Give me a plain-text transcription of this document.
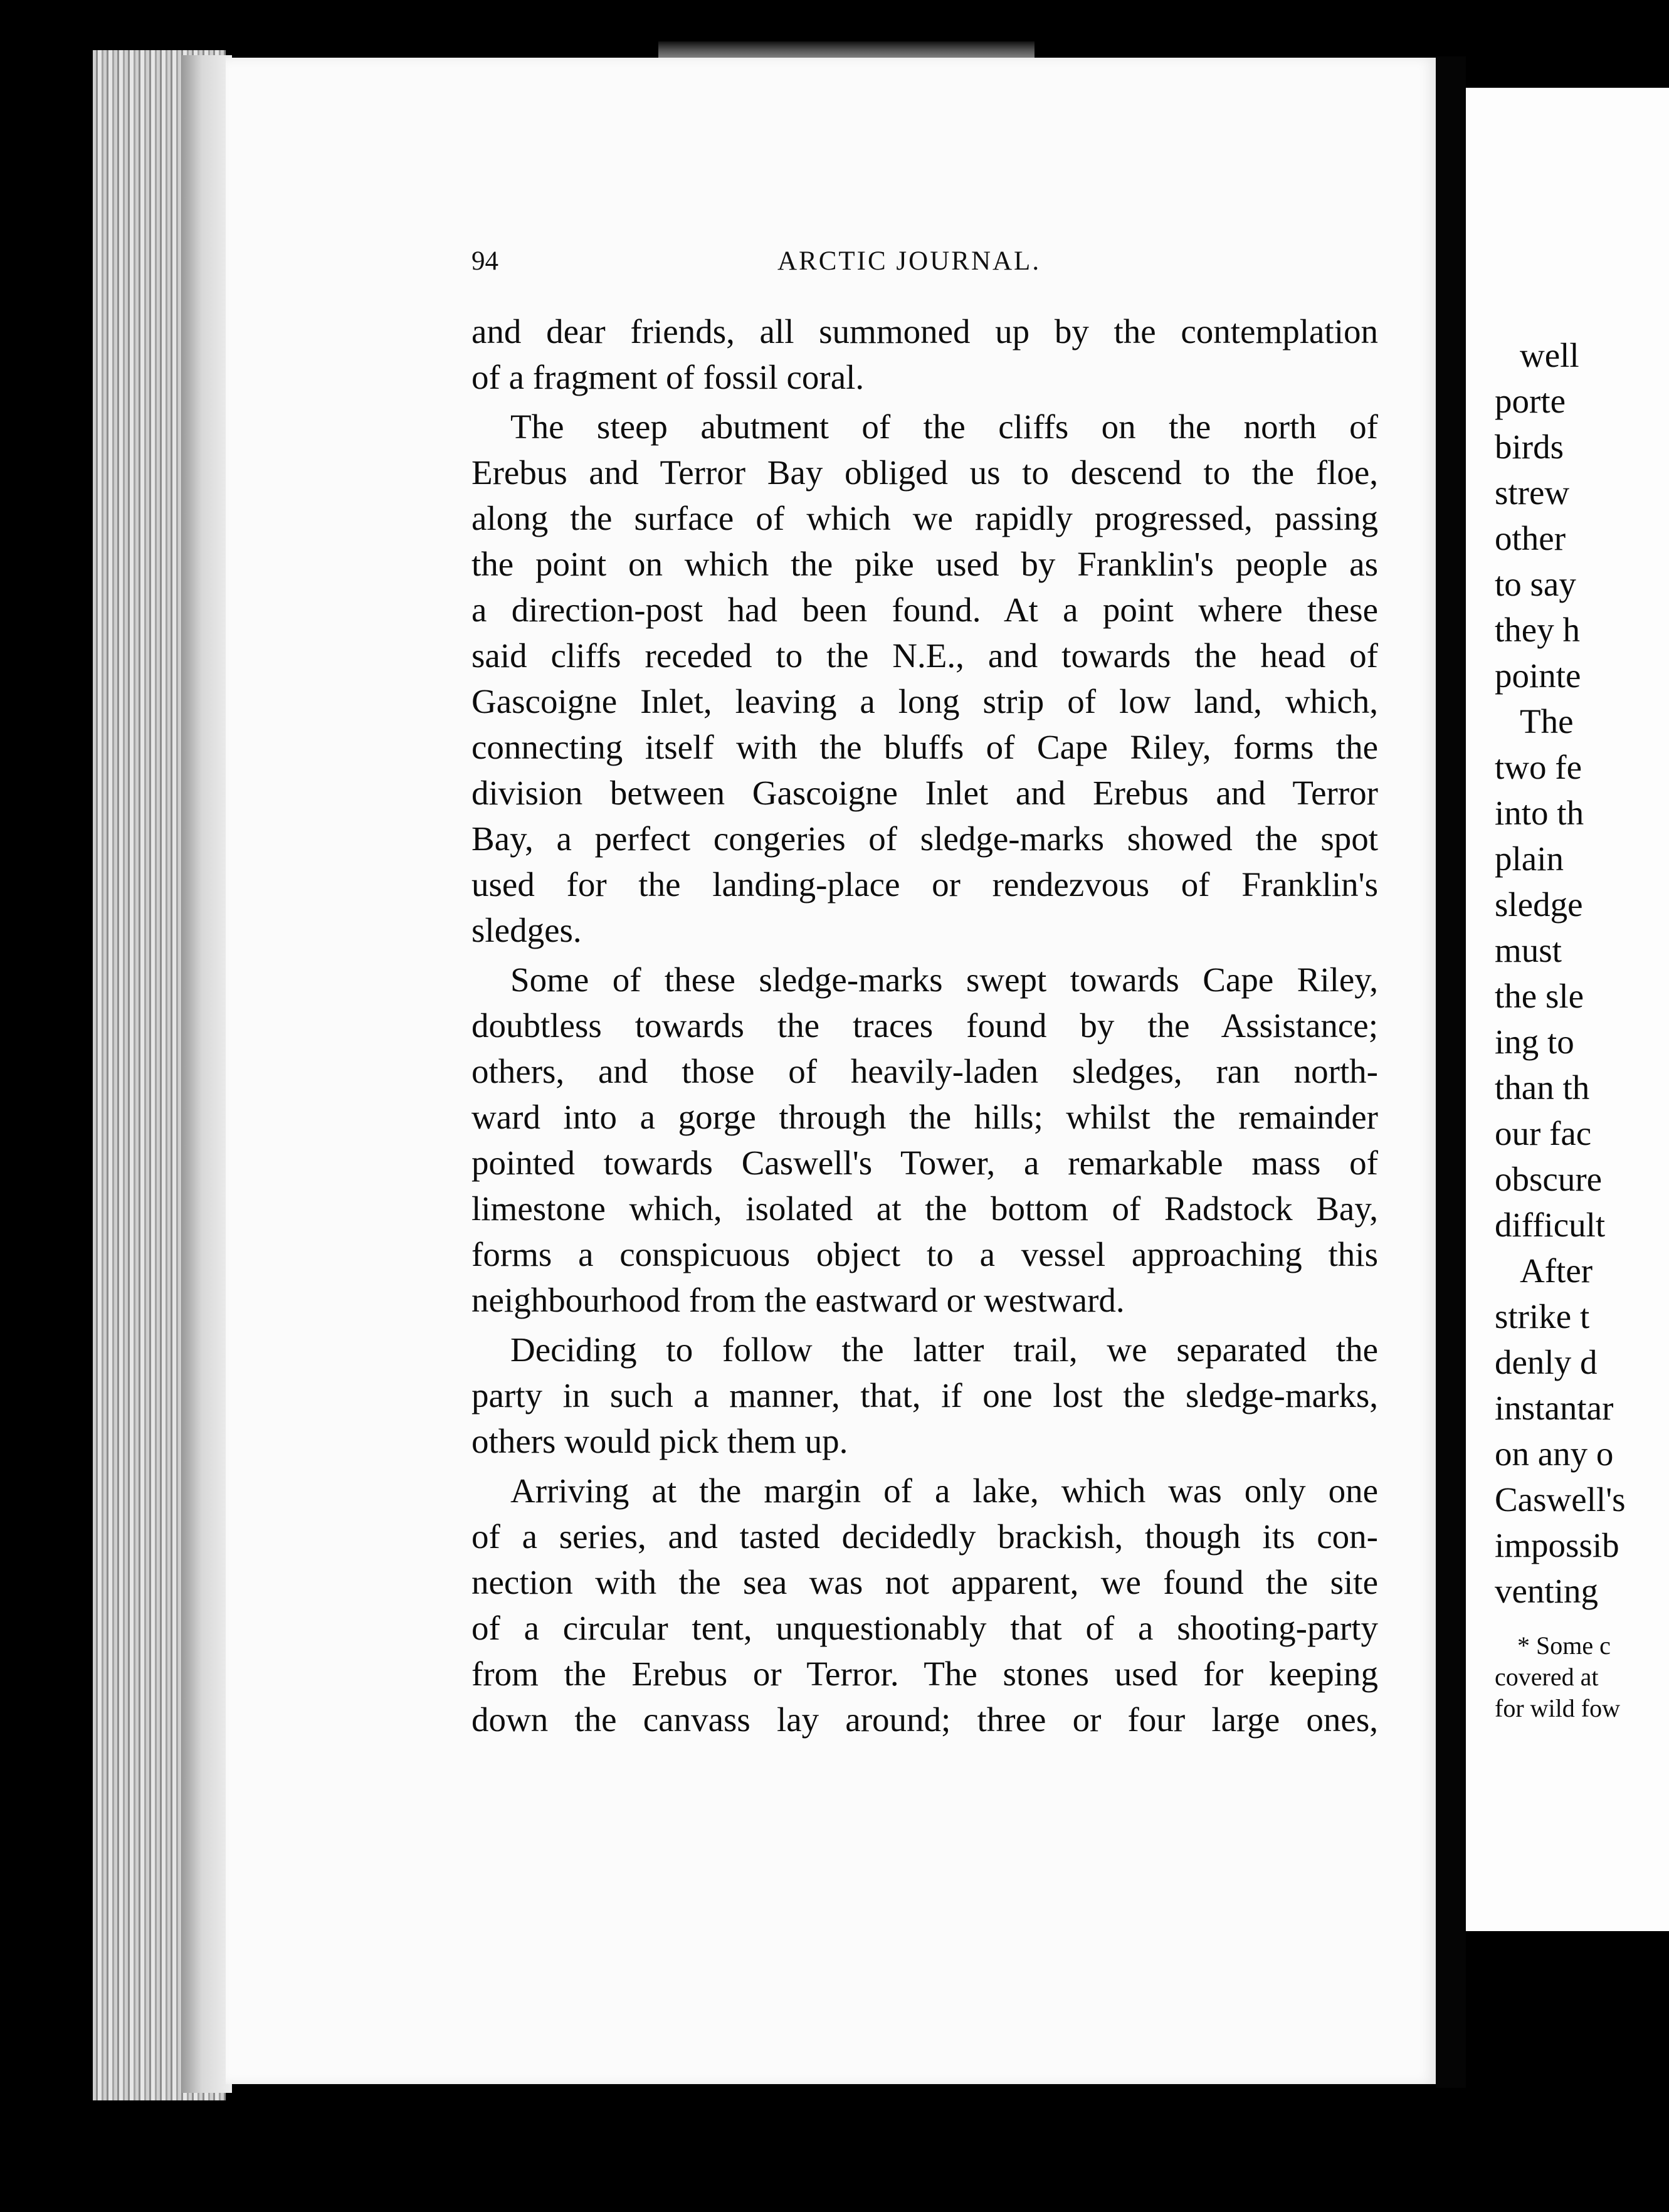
94	ARCTIC JOURNAL.
and dear friends, all summoned up by the contemplation
of a fragment of fossil coral.
The steep abutment of the cliffs on the north of
Erebus and Terror Bay obliged us to descend to the floe,
along the surface of which we rapidly progressed, passing
the point on which the pike used by Franklin's people as
a direction-post had been found. At a point where these
said cliffs receded to the N.E., and towards the head of
Gascoigne Inlet, leaving a long strip of low land, which,
connecting itself with the bluffs of Cape Riley, forms the
division between Gascoigne Inlet and Erebus and Terror
Bay, a perfect congeries of sledge-marks showed the spot
used for the landing-place or rendezvous of Franklin's
sledges.
Some of these sledge-marks swept towards Cape Riley,
doubtless towards the traces found by the Assistance;
others, and those of heavily-laden sledges, ran north-
ward into a gorge through the hills; whilst the remainder
pointed towards Caswell's Tower, a remarkable mass of
limestone which, isolated at the bottom of Radstock Bay,
forms a conspicuous object to a vessel approaching this
neighbourhood from the eastward or westward.
Deciding to follow the latter trail, we separated the
party in such a manner, that, if one lost the sledge-marks,
others would pick them up.
Arriving at the margin of a lake, which was only one
of a series, and tasted decidedly brackish, though its con-
nection with the sea was not apparent, we found the site
of a circular tent, unquestionably that of a shooting-party
from the Erebus or Terror. The stones used for keeping
down the canvass lay around; three or four large ones,
well
porte
birds
strew
other
to say
they h
pointe
The
two fe
into th
plain
sledge
must
the sle
ing to
than th
our fac
obscure
difficult
After
strike t
denly d
instantar
on any o
Caswell's
impossib
venting
* Some c
covered at
for wild fow
